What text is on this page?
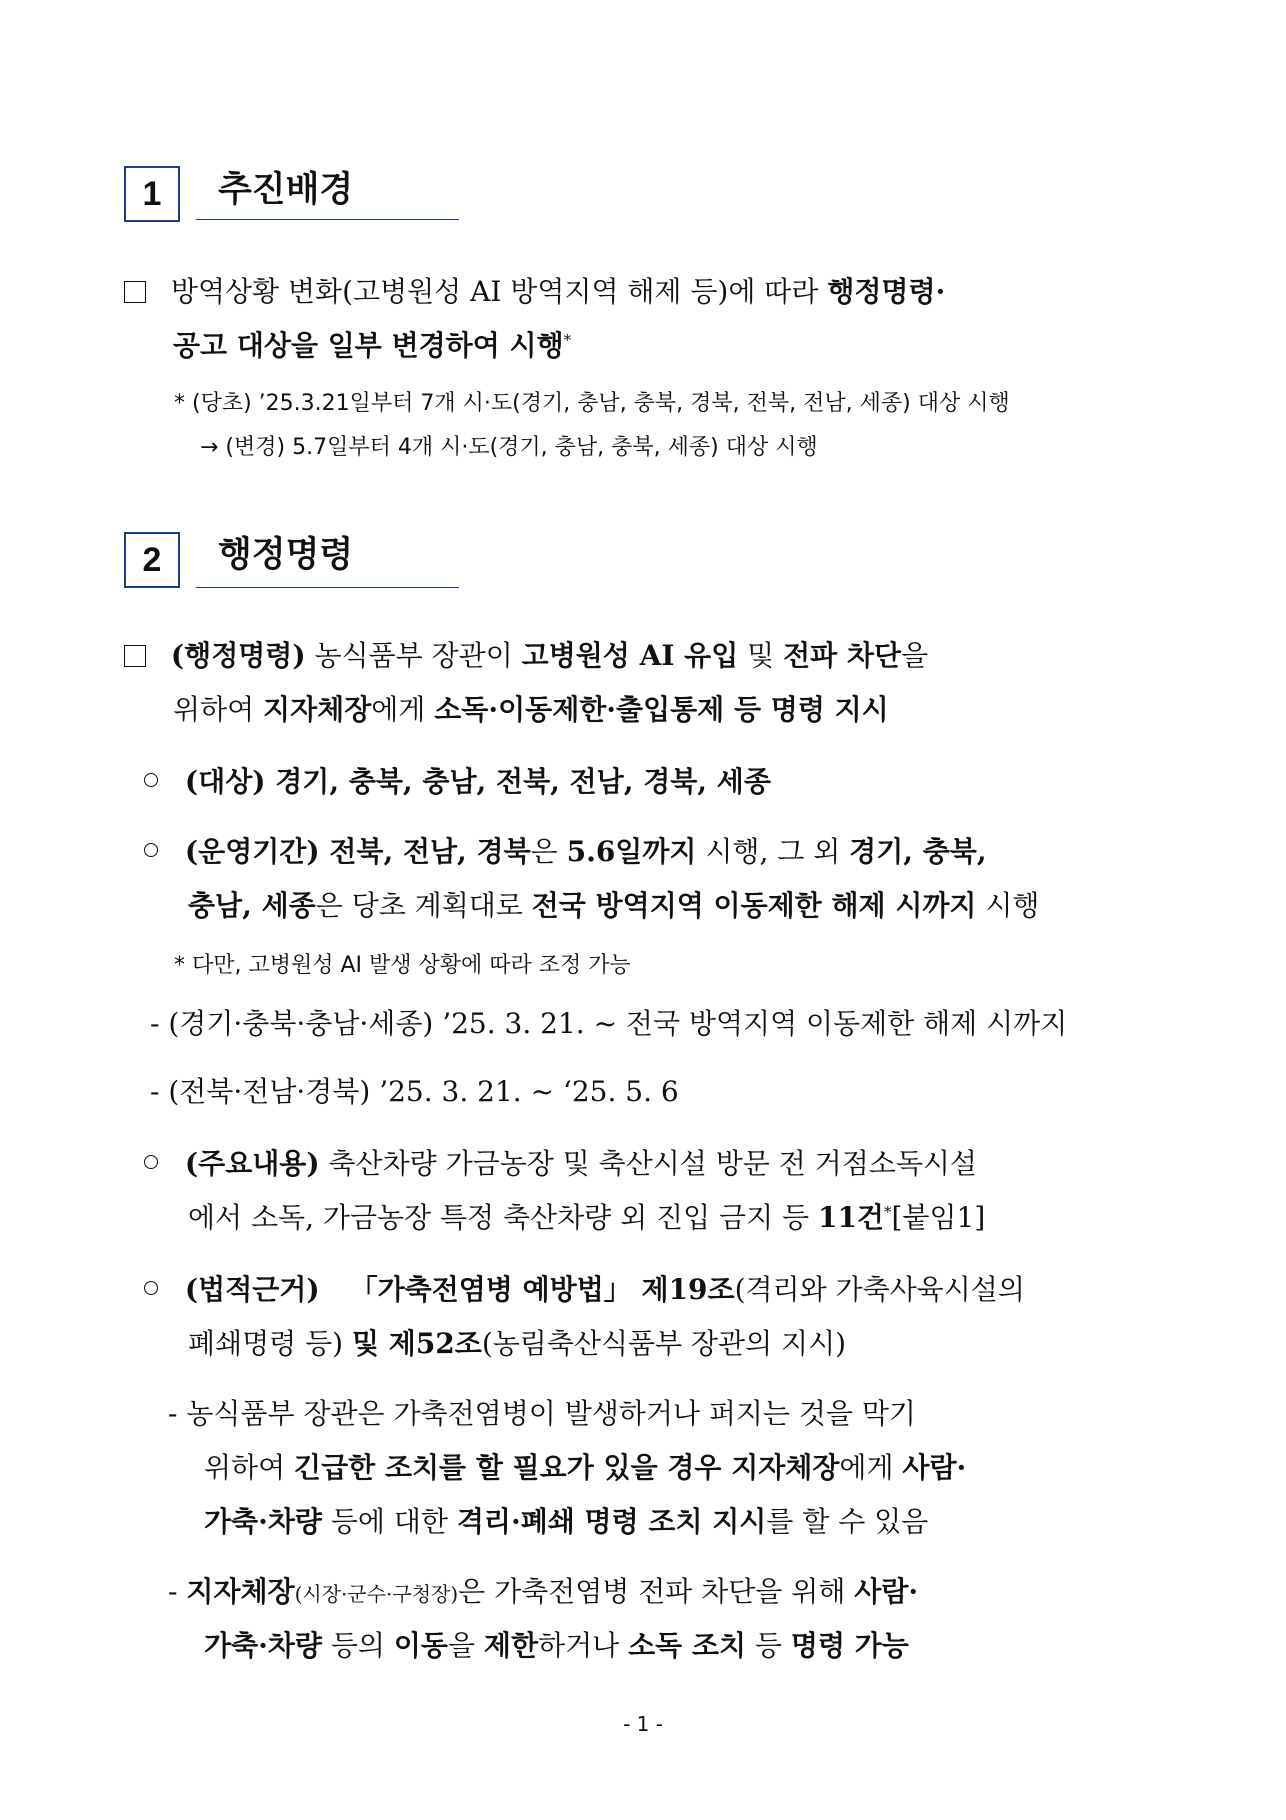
1	추진배경
방역상황 변화(고병원성 AI 방역지역 해제 등)에 따라 행정명령·
공고 대상을 일부 변경하여 시행*
* (당초) ’25.3.21일부터 7개 시·도(경기, 충남, 충북, 경북, 전북, 전남, 세종) 대상 시행
→ (변경) 5.7일부터 4개 시·도(경기, 충남, 충북, 세종) 대상 시행
2	행정명령
(행정명령) 농식품부 장관이 고병원성 AI 유입 및 전파 차단을
위하여 지자체장에게 소독·이동제한·출입통제 등 명령 지시
(대상) 경기, 충북, 충남, 전북, 전남, 경북, 세종
(운영기간) 전북, 전남, 경북은 5.6일까지 시행, 그 외 경기, 충북,
충남, 세종은 당초 계획대로 전국 방역지역 이동제한 해제 시까지 시행
* 다만, 고병원성 AI 발생 상황에 따라 조정 가능
- (경기·충북·충남·세종) ’25. 3. 21. ~ 전국 방역지역 이동제한 해제 시까지
- (전북·전남·경북) ’25. 3. 21. ~ ‘25. 5. 6
(주요내용) 축산차량 가금농장 및 축산시설 방문 전 거점소독시설
에서 소독, 가금농장 특정 축산차량 외 진입 금지 등 11건*[붙임1]
(법적근거) 「가축전염병 예방법」 제19조(격리와 가축사육시설의
폐쇄명령 등) 및 제52조(농림축산식품부 장관의 지시)
- 농식품부 장관은 가축전염병이 발생하거나 퍼지는 것을 막기
위하여 긴급한 조치를 할 필요가 있을 경우 지자체장에게 사람·
가축·차량 등에 대한 격리·폐쇄 명령 조치 지시를 할 수 있음
- 지자체장(시장·군수·구청장)은 가축전염병 전파 차단을 위해 사람·
가축·차량 등의 이동을 제한하거나 소독 조치 등 명령 가능
- 1 -
